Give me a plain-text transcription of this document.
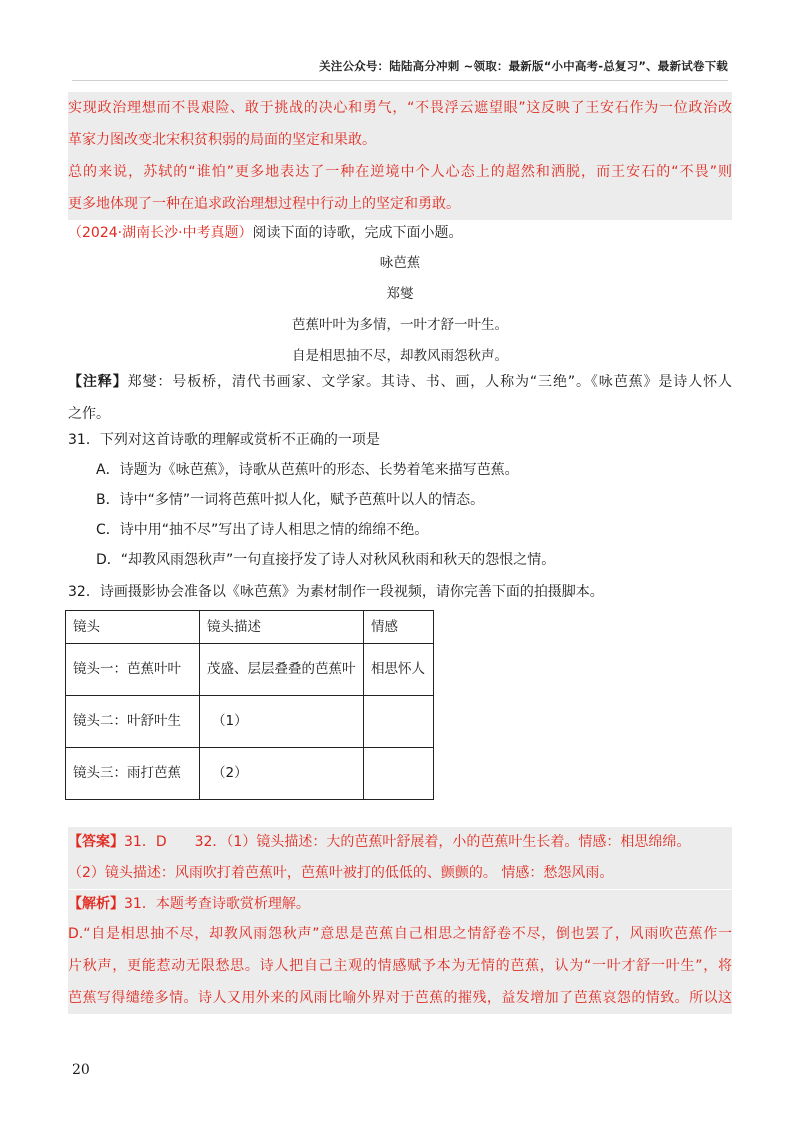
关注公众号：陆陆高分冲刺 ~领取：最新版“小中高考-总复习”、最新试卷下载
实现政治理想而不畏艰险、敢于挑战的决心和勇气，“不畏浮云遮望眼”这反映了王安石作为一位政治改
革家力图改变北宋积贫积弱的局面的坚定和果敢。
总的来说，苏轼的“谁怕”更多地表达了一种在逆境中个人心态上的超然和洒脱，而王安石的“不畏”则
更多地体现了一种在追求政治理想过程中行动上的坚定和勇敢。
（2024·湖南长沙·中考真题）阅读下面的诗歌，完成下面小题。
咏芭蕉
郑燮
芭蕉叶叶为多情，一叶才舒一叶生。
自是相思抽不尽，却教风雨怨秋声。
【注释】郑燮：号板桥，清代书画家、文学家。其诗、书、画，人称为“三绝”。《咏芭蕉》是诗人怀人
之作。
31．下列对这首诗歌的理解或赏析不正确的一项是
A．诗题为《咏芭蕉》，诗歌从芭蕉叶的形态、长势着笔来描写芭蕉。
B．诗中“多情”一词将芭蕉叶拟人化，赋予芭蕉叶以人的情态。
C．诗中用“抽不尽”写出了诗人相思之情的绵绵不绝。
D．“却教风雨怨秋声”一句直接抒发了诗人对秋风秋雨和秋天的怨恨之情。
32．诗画摄影协会准备以《咏芭蕉》为素材制作一段视频，请你完善下面的拍摄脚本。
镜头	镜头描述	情感
镜头一：芭蕉叶叶	茂盛、层层叠叠的芭蕉叶	相思怀人
镜头二：叶舒叶生	（1）	
镜头三：雨打芭蕉	（2）	
【答案】31．D　　32．（1）镜头描述：大的芭蕉叶舒展着，小的芭蕉叶生长着。情感：相思绵绵。
（2）镜头描述：风雨吹打着芭蕉叶，芭蕉叶被打的低低的、颤颤的。 情感：愁怨风雨。
【解析】31．本题考查诗歌赏析理解。
D.“自是相思抽不尽，却教风雨怨秋声”意思是芭蕉自己相思之情舒卷不尽，倒也罢了，风雨吹芭蕉作一
片秋声，更能惹动无限愁思。诗人把自己主观的情感赋予本为无情的芭蕉，认为“一叶才舒一叶生”，将
芭蕉写得缱绻多情。诗人又用外来的风雨比喻外界对于芭蕉的摧残，益发增加了芭蕉哀怨的情致。所以这
20
